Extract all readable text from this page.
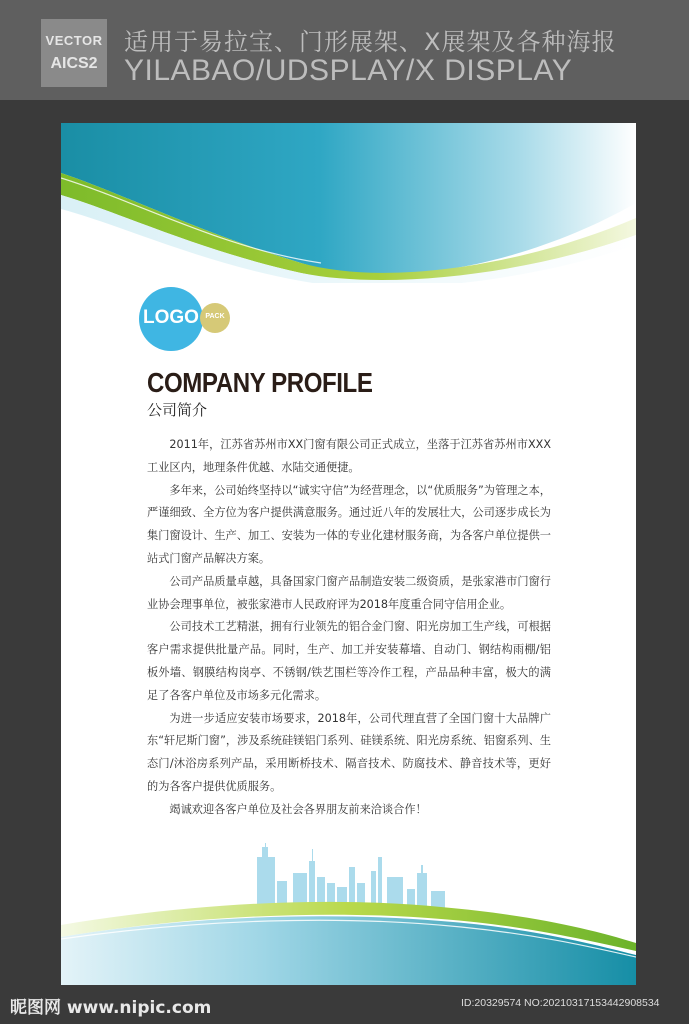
VECTOR
AICS2
适用于易拉宝、门形展架、X展架及各种海报
YILABAO/UDSPLAY/X DISPLAY
LOGO PACK
COMPANY PROFILE
公司简介

2011年，江苏省苏州市XX门窗有限公司正式成立，坐落于江苏省苏州市XXX工业区内，地理条件优越、水陆交通便捷。

多年来，公司始终坚持以“诚实守信”为经营理念，以“优质服务”为管理之本，严谨细致、全方位为客户提供满意服务。通过近八年的发展壮大，公司逐步成长为集门窗设计、生产、加工、安装为一体的专业化建材服务商，为各客户单位提供一站式门窗产品解决方案。

公司产品质量卓越，具备国家门窗产品制造安装二级资质，是张家港市门窗行业协会理事单位，被张家港市人民政府评为2018年度重合同守信用企业。

公司技术工艺精湛，拥有行业领先的铝合金门窗、阳光房加工生产线，可根据客户需求提供批量产品。同时，生产、加工并安装幕墙、自动门、钢结构雨棚/铝板外墙、钢膜结构岗亭、不锈钢/铁艺围栏等冷作工程，产品品种丰富，极大的满足了各客户单位及市场多元化需求。

为进一步适应安装市场要求，2018年，公司代理直营了全国门窗十大品牌广东“轩尼斯门窗”，涉及系统硅镁铝门系列、硅镁系统、阳光房系统、铝窗系列、生态门/沐浴房系列产品，采用断桥技术、隔音技术、防腐技术、静音技术等，更好的为各客户提供优质服务。

竭诚欢迎各客户单位及社会各界朋友前来洽谈合作！

昵图网 www.nipic.com	ID:20329574 NO:20210317153442908534
